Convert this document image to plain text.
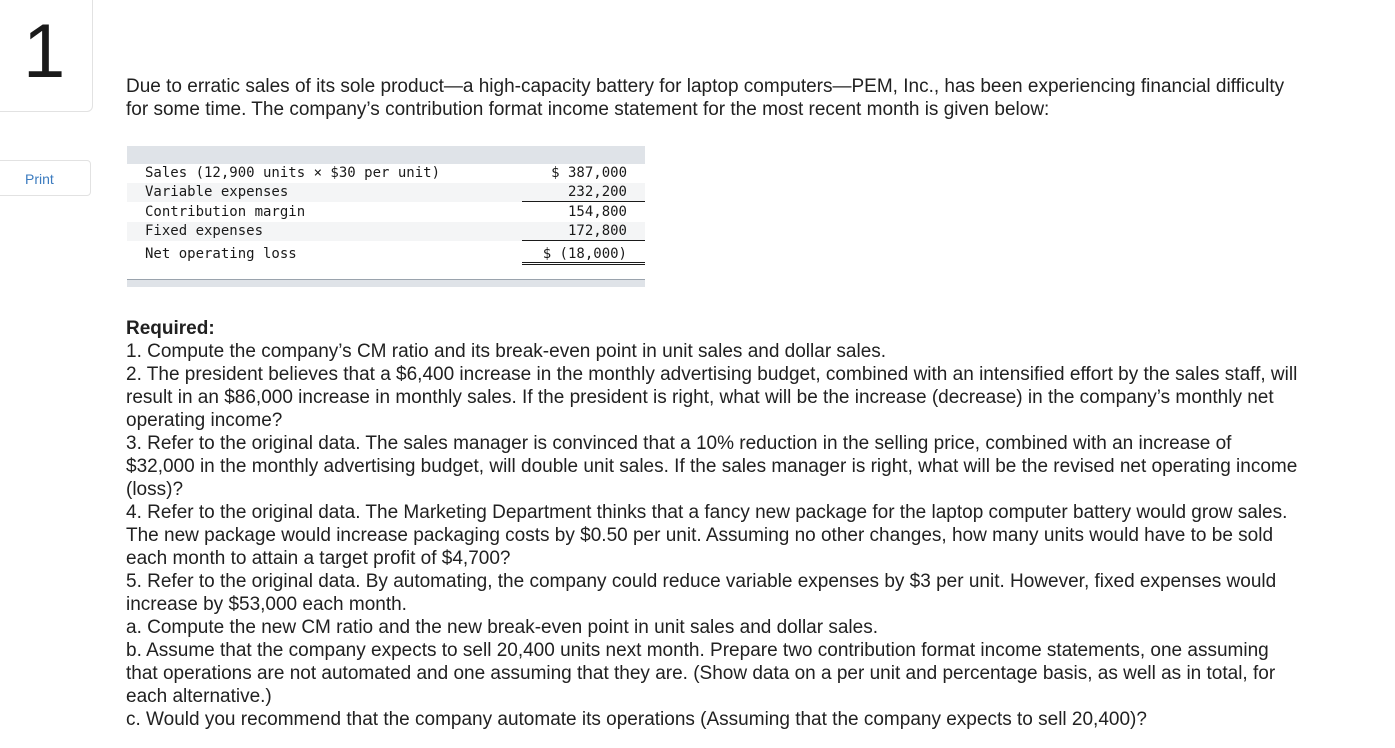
1
Print
Due to erratic sales of its sole product—a high-capacity battery for laptop computers—PEM, Inc., has been experiencing financial difficulty for some time. The company’s contribution format income statement for the most recent month is given below:
Sales (12,900 units × $30 per unit)	$ 387,000
Variable expenses	232,200
Contribution margin	154,800
Fixed expenses	172,800
Net operating loss	$ (18,000)
Required:
1. Compute the company’s CM ratio and its break-even point in unit sales and dollar sales.
2. The president believes that a $6,400 increase in the monthly advertising budget, combined with an intensified effort by the sales staff, will result in an $86,000 increase in monthly sales. If the president is right, what will be the increase (decrease) in the company’s monthly net operating income?
3. Refer to the original data. The sales manager is convinced that a 10% reduction in the selling price, combined with an increase of $32,000 in the monthly advertising budget, will double unit sales. If the sales manager is right, what will be the revised net operating income (loss)?
4. Refer to the original data. The Marketing Department thinks that a fancy new package for the laptop computer battery would grow sales. The new package would increase packaging costs by $0.50 per unit. Assuming no other changes, how many units would have to be sold each month to attain a target profit of $4,700?
5. Refer to the original data. By automating, the company could reduce variable expenses by $3 per unit. However, fixed expenses would increase by $53,000 each month.
a. Compute the new CM ratio and the new break-even point in unit sales and dollar sales.
b. Assume that the company expects to sell 20,400 units next month. Prepare two contribution format income statements, one assuming that operations are not automated and one assuming that they are. (Show data on a per unit and percentage basis, as well as in total, for each alternative.)
c. Would you recommend that the company automate its operations (Assuming that the company expects to sell 20,400)?
